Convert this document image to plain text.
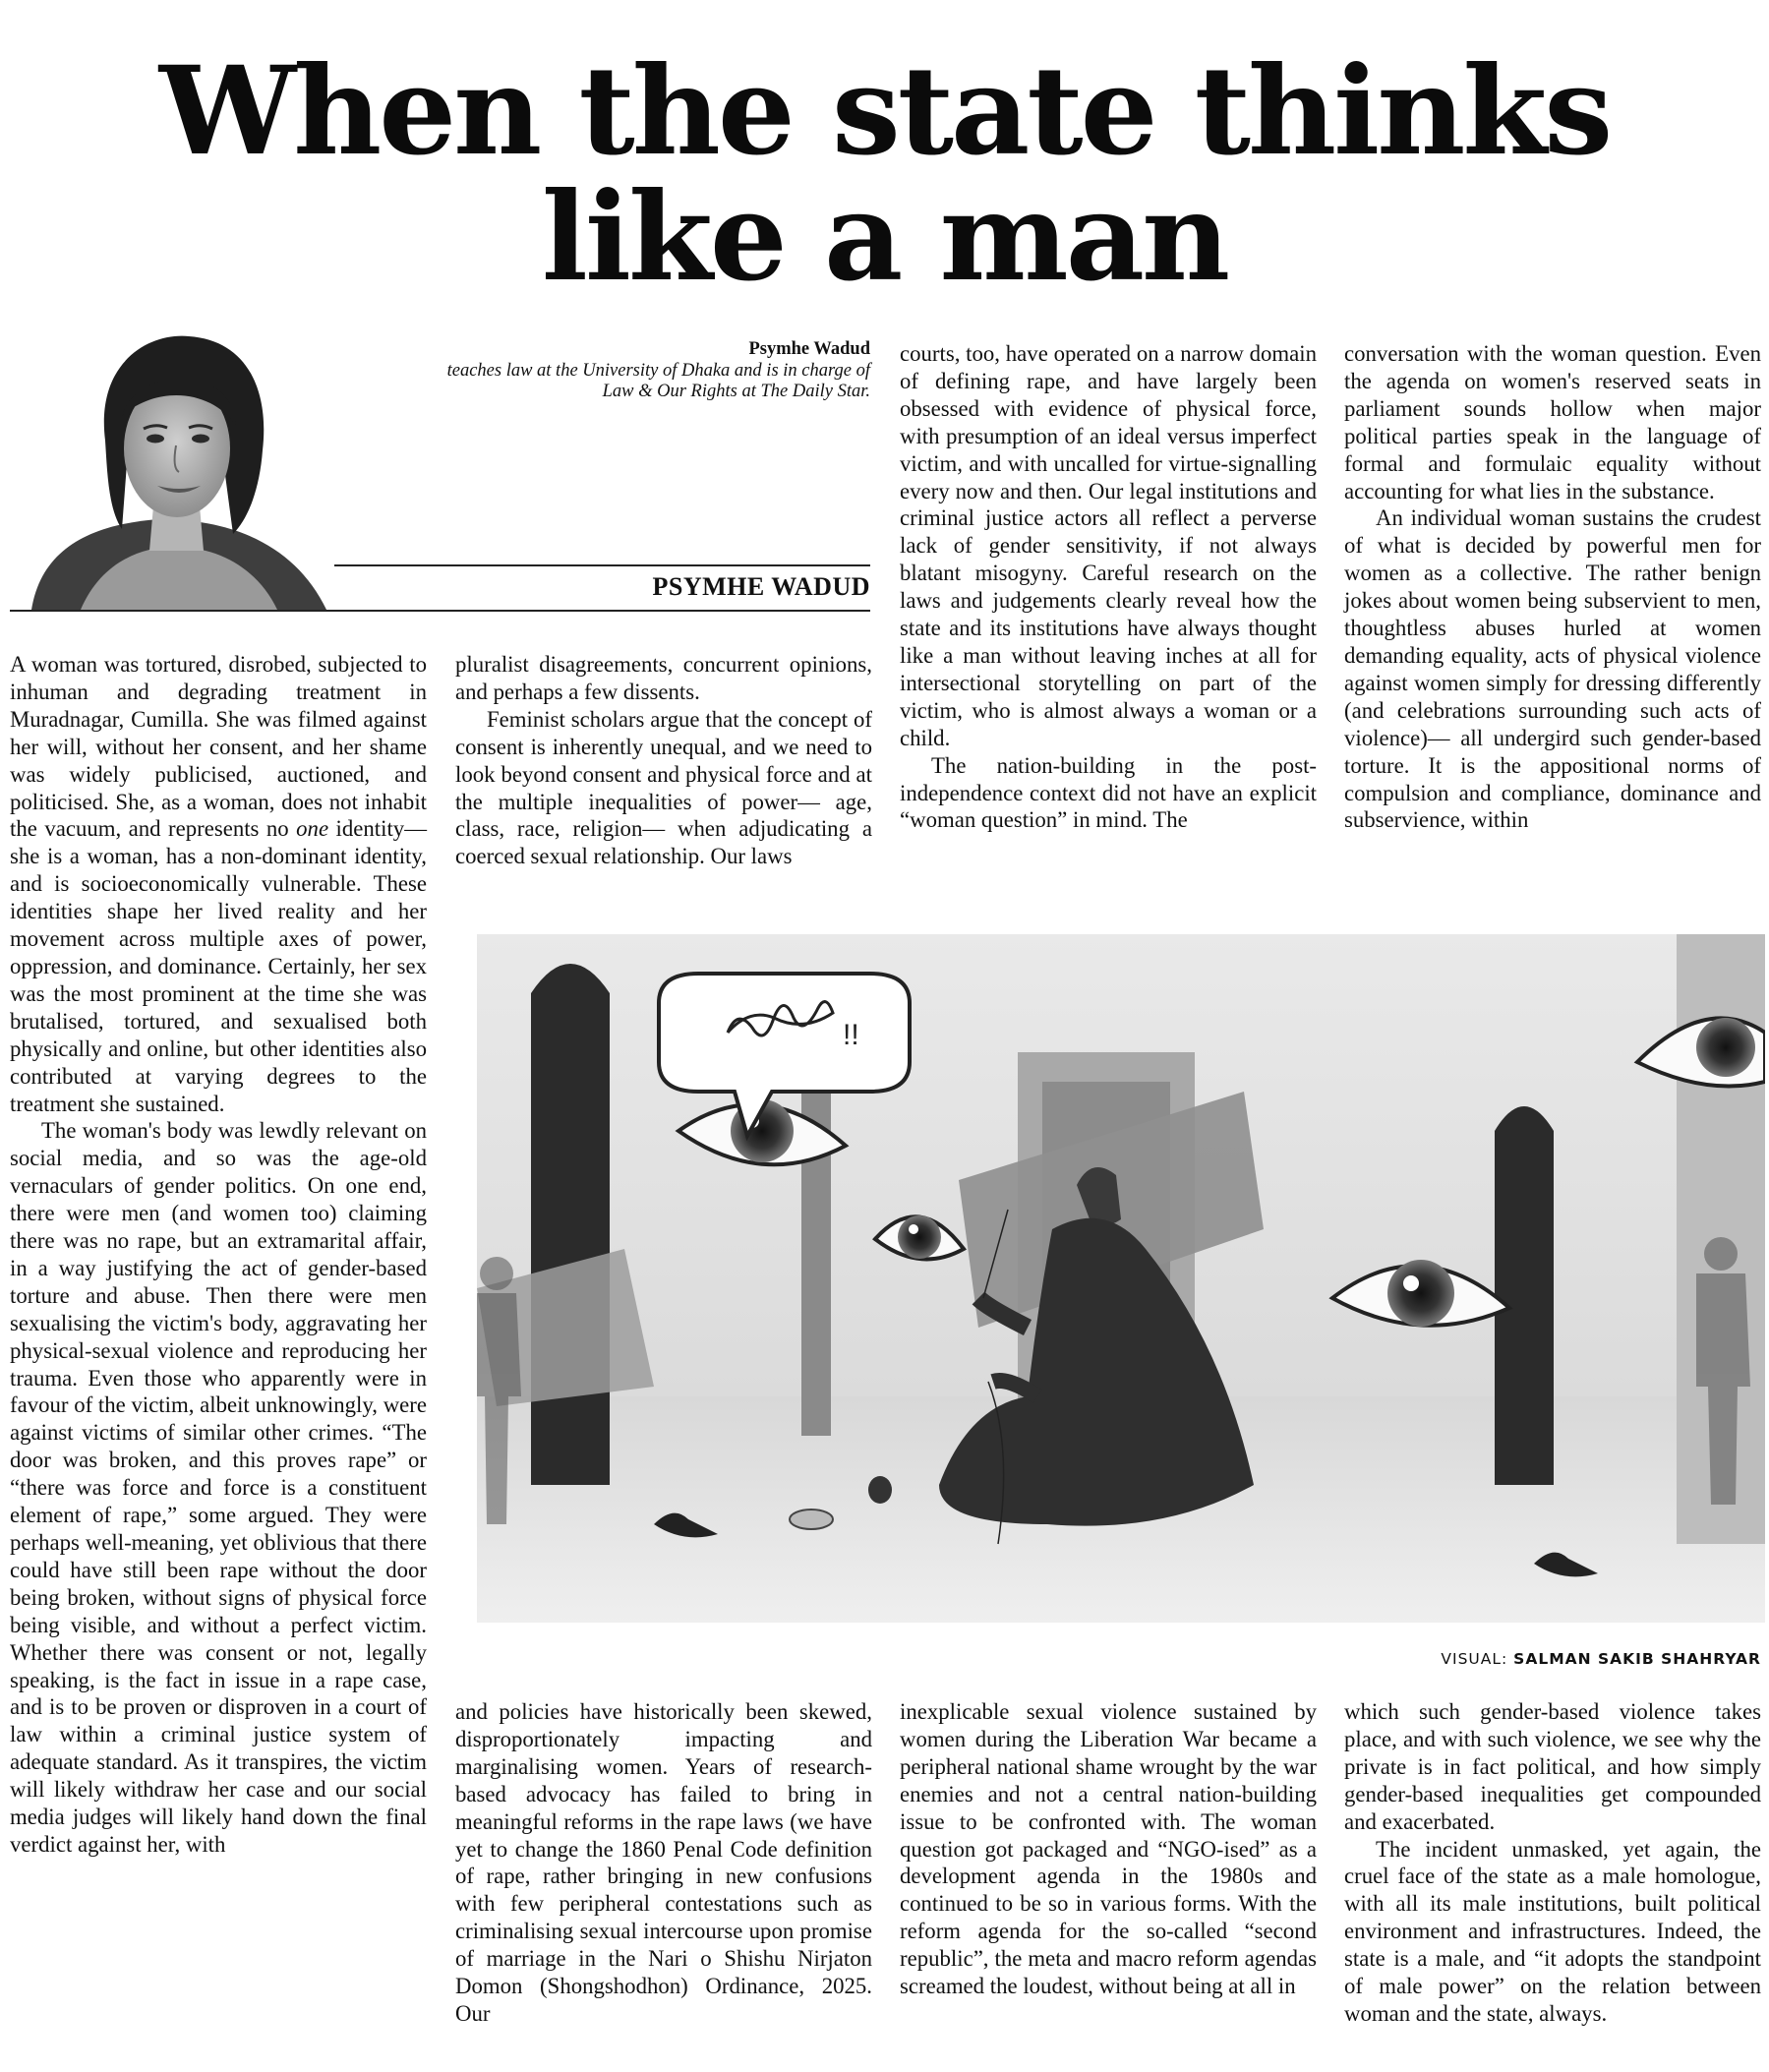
When the state thinks
like a man
Psymhe Wadud
teaches law at the University of Dhaka and is in charge of Law & Our Rights at The Daily Star.
PSYMHE WADUD

A woman was tortured, disrobed, subjected to inhuman and degrading treatment in Muradnagar, Cumilla. She was filmed against her will, without her consent, and her shame was widely publicised, auctioned, and politicised. She, as a woman, does not inhabit the vacuum, and represents no one identity—she is a woman, has a non-dominant identity, and is socioeconomically vulnerable. These identities shape her lived reality and her movement across multiple axes of power, oppression, and dominance. Certainly, her sex was the most prominent at the time she was brutalised, tortured, and sexualised both physically and online, but other identities also contributed at varying degrees to the treatment she sustained.

The woman's body was lewdly relevant on social media, and so was the age-old vernaculars of gender politics. On one end, there were men (and women too) claiming there was no rape, but an extramarital affair, in a way justifying the act of gender-based torture and abuse. Then there were men sexualising the victim's body, aggravating her physical-sexual violence and reproducing her trauma. Even those who apparently were in favour of the victim, albeit unknowingly, were against victims of similar other crimes. “The door was broken, and this proves rape” or “there was force and force is a constituent element of rape,” some argued. They were perhaps well-meaning, yet oblivious that there could have still been rape without the door being broken, without signs of physical force being visible, and without a perfect victim. Whether there was consent or not, legally speaking, is the fact in issue in a rape case, and is to be proven or disproven in a court of law within a criminal justice system of adequate standard. As it transpires, the victim will likely withdraw her case and our social media judges will likely hand down the final verdict against her, with

pluralist disagreements, concurrent opinions, and perhaps a few dissents.

Feminist scholars argue that the concept of consent is inherently unequal, and we need to look beyond consent and physical force and at the multiple inequalities of power— age, class, race, religion— when adjudicating a coerced sexual relationship. Our laws

courts, too, have operated on a narrow domain of defining rape, and have largely been obsessed with evidence of physical force, with presumption of an ideal versus imperfect victim, and with uncalled for virtue-signalling every now and then. Our legal institutions and criminal justice actors all reflect a perverse lack of gender sensitivity, if not always blatant misogyny. Careful research on the laws and judgements clearly reveal how the state and its institutions have always thought like a man without leaving inches at all for intersectional storytelling on part of the victim, who is almost always a woman or a child.

The nation-building in the post-independence context did not have an explicit “woman question” in mind. The

conversation with the woman question. Even the agenda on women's reserved seats in parliament sounds hollow when major political parties speak in the language of formal and formulaic equality without accounting for what lies in the substance.

An individual woman sustains the crudest of what is decided by powerful men for women as a collective. The rather benign jokes about women being subservient to men, thoughtless abuses hurled at women demanding equality, acts of physical violence against women simply for dressing differently (and celebrations surrounding such acts of violence)— all undergird such gender-based torture. It is the appositional norms of compulsion and compliance, dominance and subservience, within

!!
VISUAL: SALMAN SAKIB SHAHRYAR

and policies have historically been skewed, disproportionately impacting and marginalising women. Years of research-based advocacy has failed to bring in meaningful reforms in the rape laws (we have yet to change the 1860 Penal Code definition of rape, rather bringing in new confusions with few peripheral contestations such as criminalising sexual intercourse upon promise of marriage in the Nari o Shishu Nirjaton Domon (Shongshodhon) Ordinance, 2025. Our

inexplicable sexual violence sustained by women during the Liberation War became a peripheral national shame wrought by the war enemies and not a central nation-building issue to be confronted with. The woman question got packaged and “NGO-ised” as a development agenda in the 1980s and continued to be so in various forms. With the reform agenda for the so-called “second republic”, the meta and macro reform agendas screamed the loudest, without being at all in

which such gender-based violence takes place, and with such violence, we see why the private is in fact political, and how simply gender-based inequalities get compounded and exacerbated.

The incident unmasked, yet again, the cruel face of the state as a male homologue, with all its male institutions, built political environment and infrastructures. Indeed, the state is a male, and “it adopts the standpoint of male power” on the relation between woman and the state, always.
